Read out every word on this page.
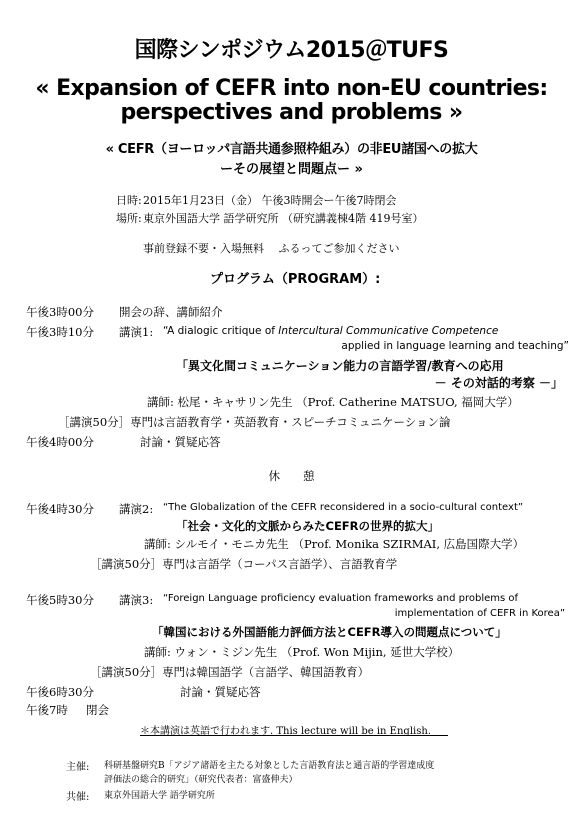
国際シンポジウム2015＠TUFS
« Expansion of CEFR into non-EU countries:
perspectives and problems »
« CEFR（ヨーロッパ言語共通参照枠組み）の非EU諸国への拡大
ーその展望と問題点ー »
日時: 2015年1月23日（金） 午後3時開会ー午後7時閉会
場所: 東京外国語大学 語学研究所 （研究講義棟4階 419号室）
事前登録不要・入場無料　 ふるってご参加ください
プログラム（PROGRAM）:
午後3時00分 開会の辞、講師紹介
午後3時10分 講演1: “A dialogic critique of Intercultural Communicative Competence
applied in language learning and teaching”
「異文化間コミュニケーション能力の言語学習/教育への応用
－ その対話的考察 －」
講師: 松尾・キャサリン先生 （Prof. Catherine MATSUO, 福岡大学）
［講演50分］専門は言語教育学・英語教育・スピーチコミュニケーション論
午後4時00分	討論・質疑応答
休　　憩
午後4時30分 講演2: “The Globalization of the CEFR reconsidered in a socio-cultural context”
「社会・文化的文脈からみたCEFRの世界的拡大」
講師: シルモイ・モニカ先生 （Prof. Monika SZIRMAI, 広島国際大学）
［講演50分］専門は言語学（コーパス言語学）、言語教育学
午後5時30分 講演3: “Foreign Language proficiency evaluation frameworks and problems of
implementation of CEFR in Korea”
「韓国における外国語能力評価方法とCEFR導入の問題点について」
講師: ウォン・ミジン先生 （Prof. Won Mijin, 延世大学校）
［講演50分］専門は韓国語学（言語学、韓国語教育）
午後6時30分	討論・質疑応答
午後7時 閉会
＊本講演は英語で行われます. This lecture will be in English.
主催: 科研基盤研究B「アジア諸語を主たる対象とした言語教育法と通言語的学習達成度
評価法の総合的研究」（研究代表者：富盛伸夫）
共催: 東京外国語大学 語学研究所
